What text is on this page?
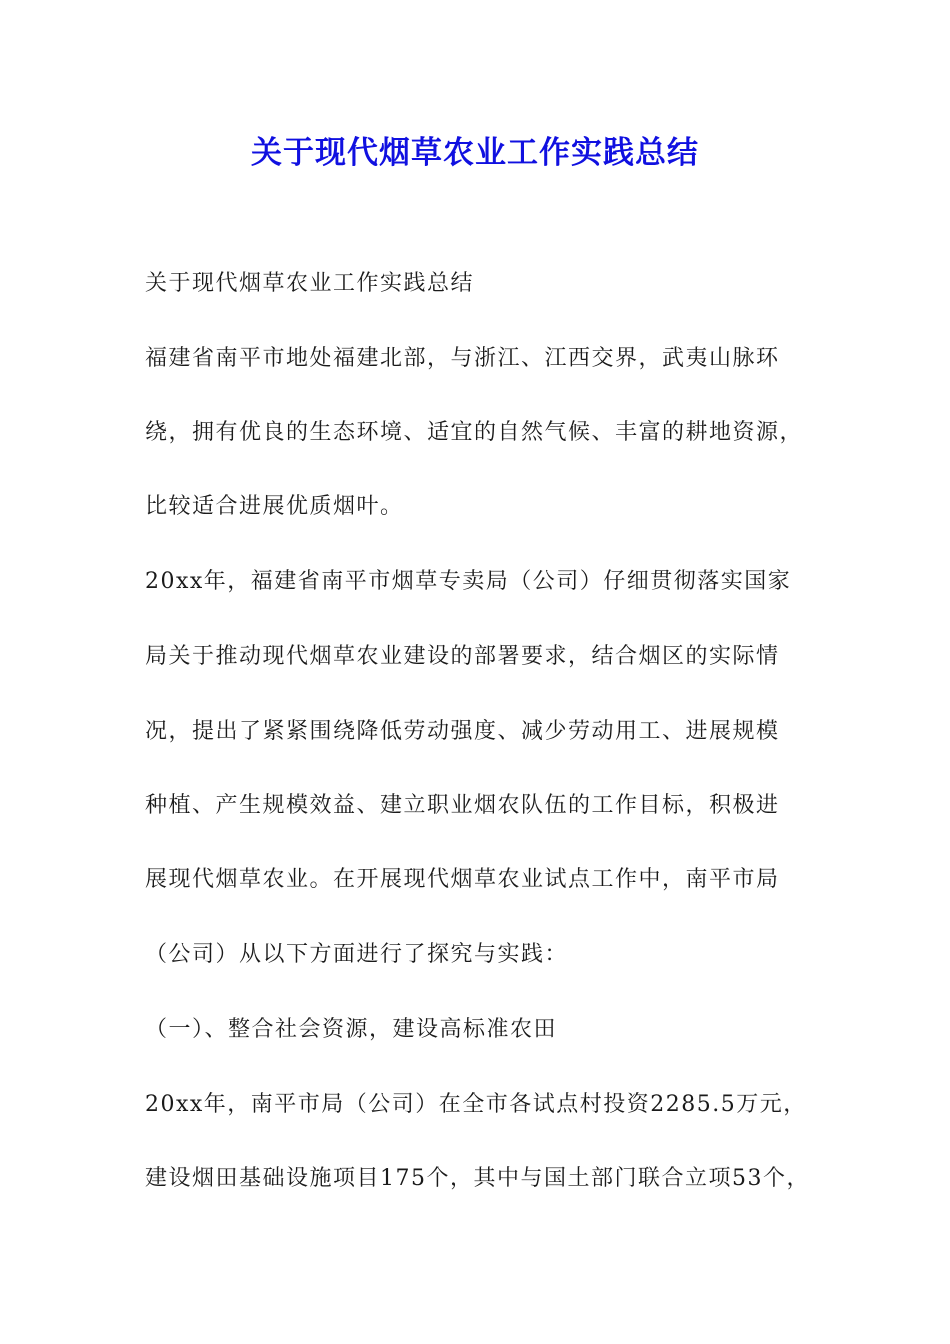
关于现代烟草农业工作实践总结
关于现代烟草农业工作实践总结
福建省南平市地处福建北部，与浙江、江西交界，武夷山脉环
绕，拥有优良的生态环境、适宜的自然气候、丰富的耕地资源，
比较适合进展优质烟叶。
20xx年，福建省南平市烟草专卖局（公司）仔细贯彻落实国家
局关于推动现代烟草农业建设的部署要求，结合烟区的实际情
况，提出了紧紧围绕降低劳动强度、减少劳动用工、进展规模
种植、产生规模效益、建立职业烟农队伍的工作目标，积极进
展现代烟草农业。在开展现代烟草农业试点工作中，南平市局
（公司）从以下方面进行了探究与实践：
（一）、整合社会资源，建设高标准农田
20xx年，南平市局（公司）在全市各试点村投资2285.5万元，
建设烟田基础设施项目175个，其中与国土部门联合立项53个，
